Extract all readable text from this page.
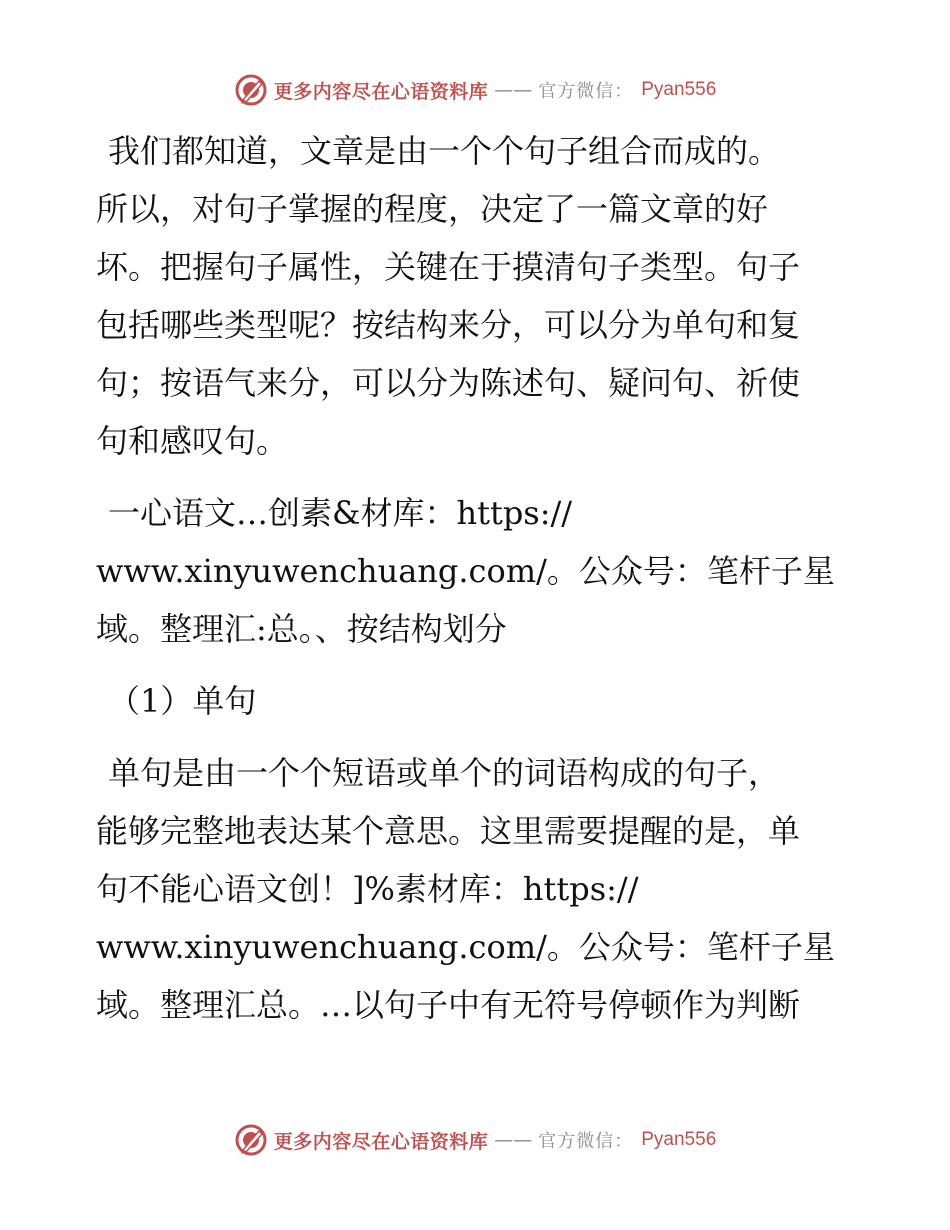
更多内容尽在心语资料库 —— 官方微信： Pyan556
我们都知道，文章是由一个个句子组合而成的。
所以，对句子掌握的程度，决定了一篇文章的好
坏。把握句子属性，关键在于摸清句子类型。句子
包括哪些类型呢？按结构来分，可以分为单句和复
句；按语气来分，可以分为陈述句、疑问句、祈使
句和感叹句。
一心语文…创素&材库：https://
www.xinyuwenchuang.com/。公众号：笔杆子星
域。整理汇:总。、按结构划分
（1）单句
单句是由一个个短语或单个的词语构成的句子，
能够完整地表达某个意思。这里需要提醒的是，单
句不能心语文创！]%素材库：https://
www.xinyuwenchuang.com/。公众号：笔杆子星
域。整理汇总。…以句子中有无符号停顿作为判断
更多内容尽在心语资料库 —— 官方微信： Pyan556
